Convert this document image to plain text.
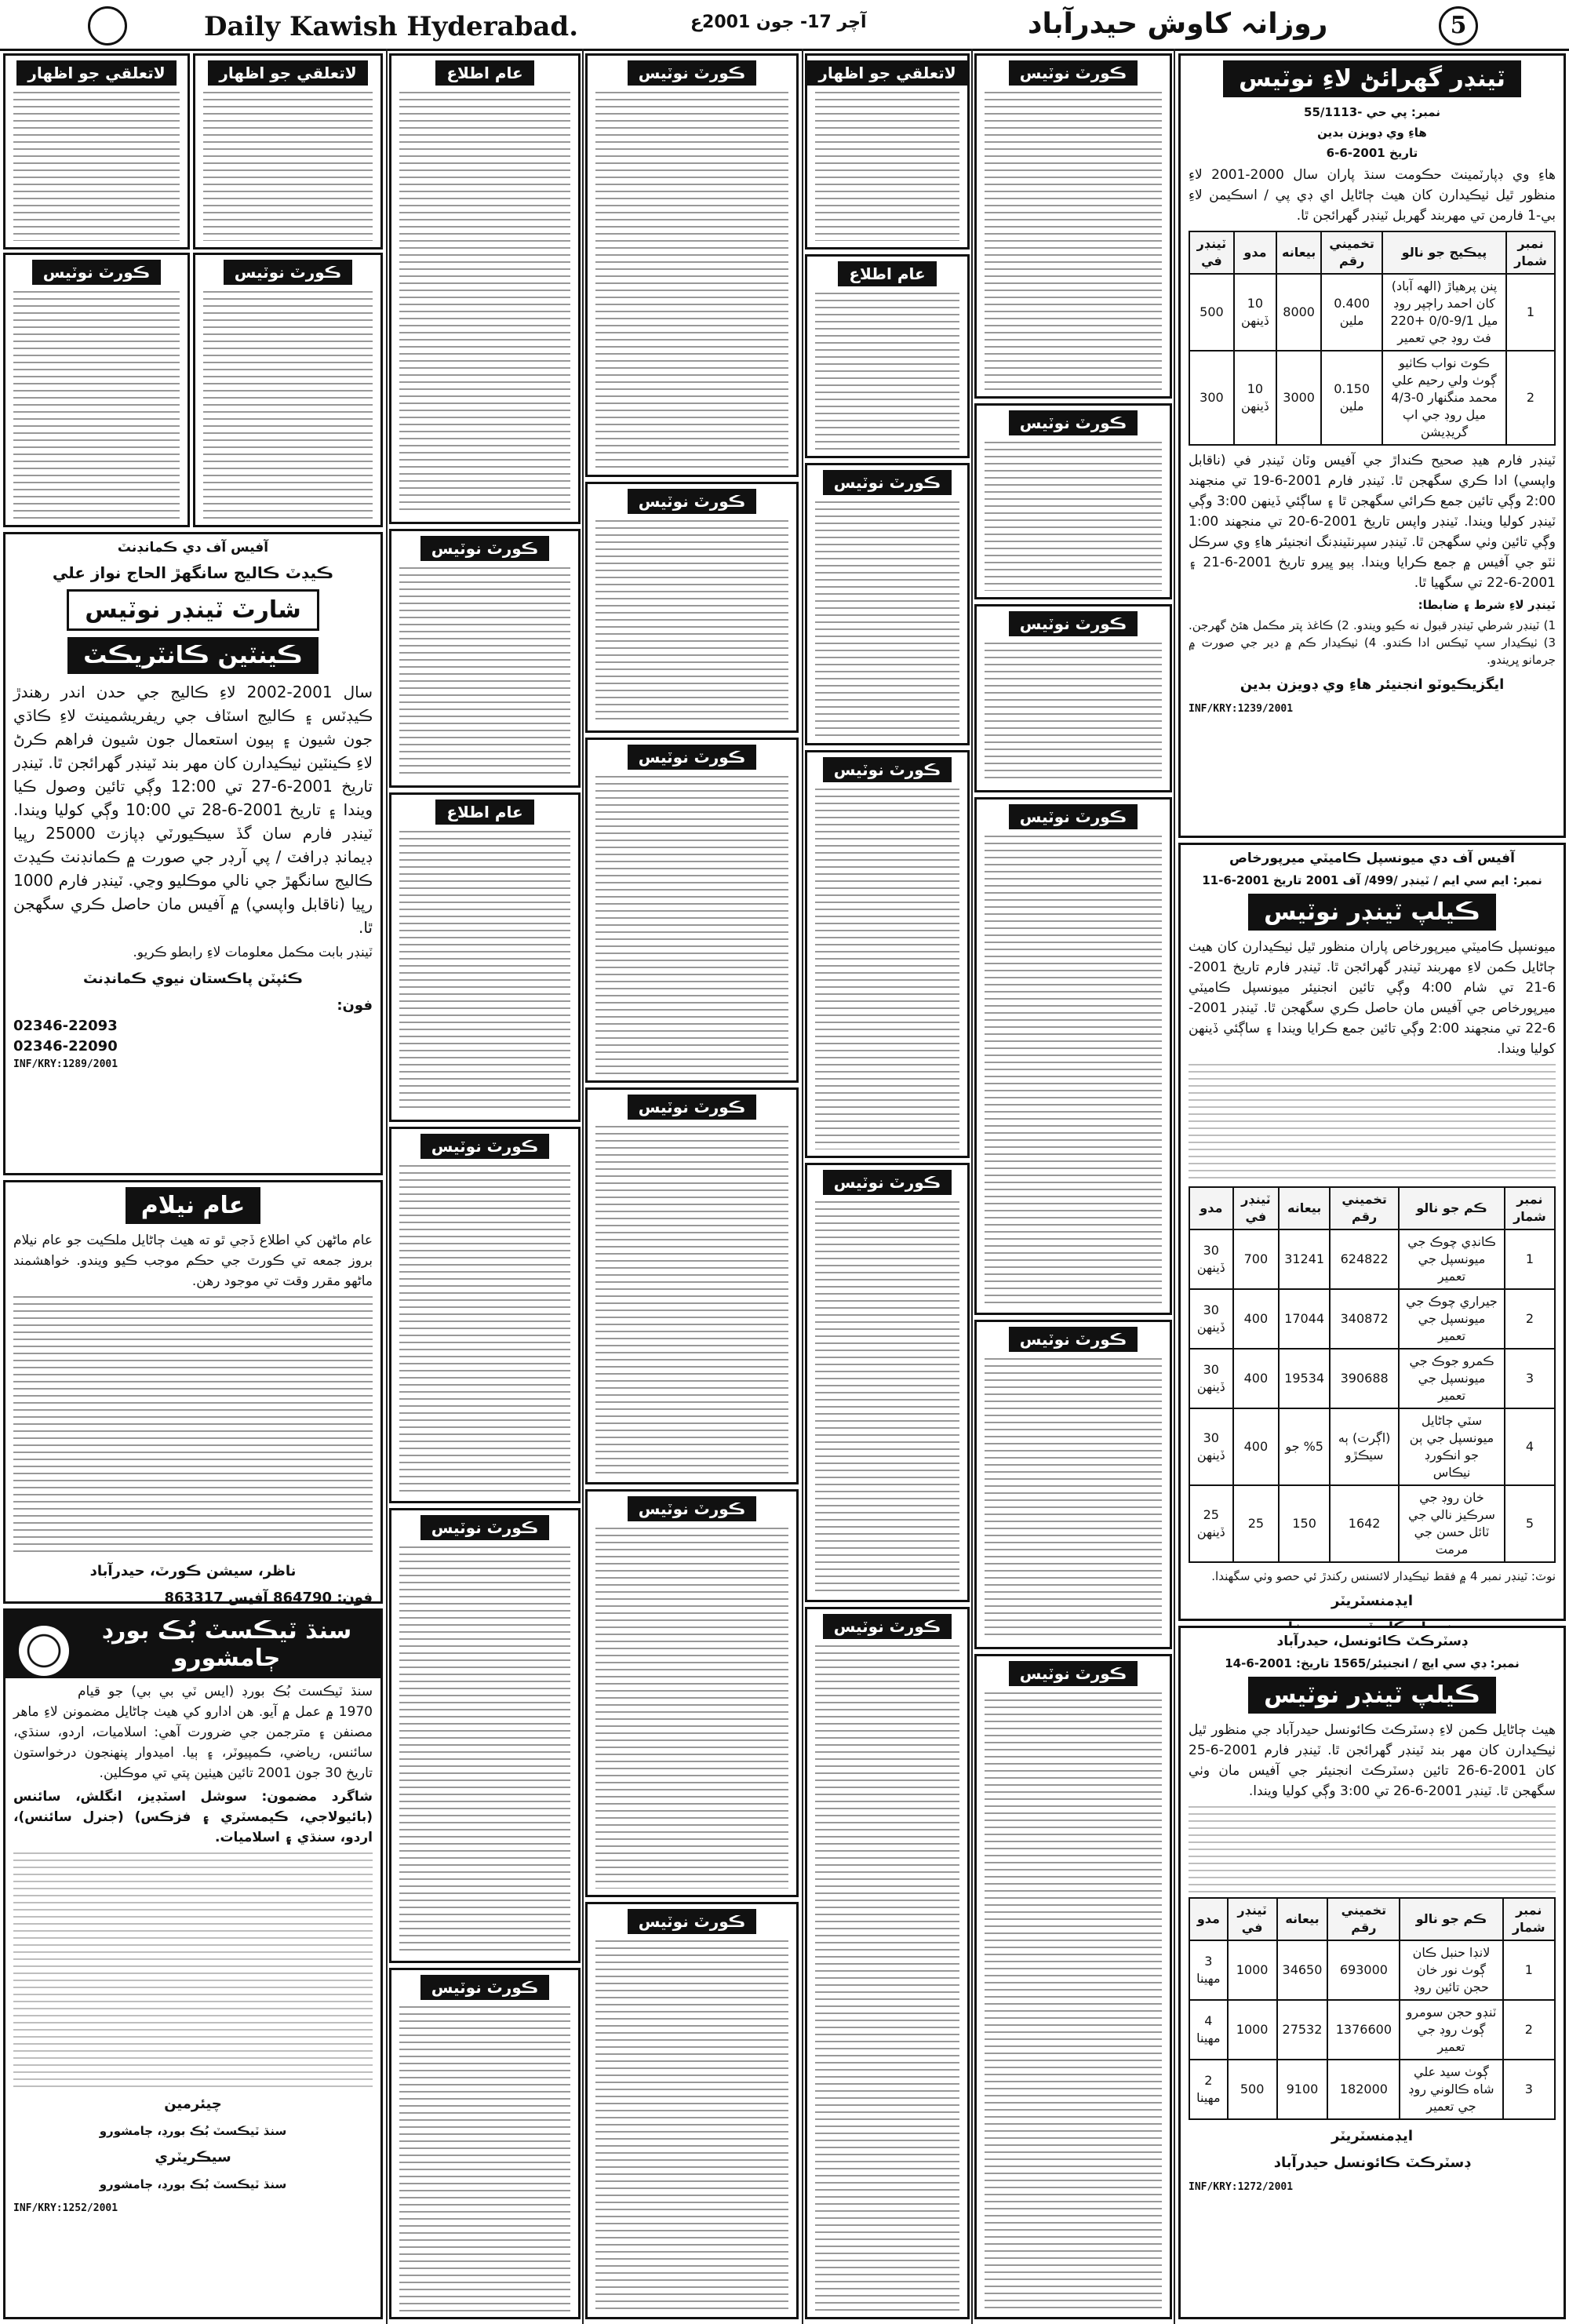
Daily Kawish Hyderabad.	آچر 17- جون 2001ع	روزانہ کاوش حیدرآباد	5
ٽينڊر گهرائڻ لاءِ نوٽيس
نمبر: پي حي -55/1113
هاءِ وي ڊويزن بدين
تاريخ 2001-6-6
هاءِ وي ڊپارٽمينٽ حڪومت سنڌ پاران سال 2000-2001 لاءِ منظور ٿيل ٺيڪيدارن کان هيٺ ڄاڻايل اي ڊي پي / اسڪيمن لاءِ بي-1 فارمن تي مهربند گهربل ٽينڊر گهرائجن ٿا.
نمبر شمار	پيڪيج جو نالو	تخميني رقم	بيعانه	مدو	ٽينڊر في
1	پنن پرهياڙ (الهه آباد) کان احمد راڄپر روڊ ميل 9/1-0/0 +220 فٽ روڊ جي تعمير	0.400 ملين	8000	10 ڏينهن	500
2	ڪوٽ نواب ڪاٺيو ڳوٺ ولي رحيم علي محمد منگنهار 0-4/3 ميل روڊ جي اپ گريڊيشن	0.150 ملين	3000	10 ڏينهن	300
ٽينڊر فارم هيڊ صحيح ڪنداڙ جي آفيس وٽان ٽينڊر في (ناقابل واپسي) ادا ڪري سگهجن ٿا. ٽينڊر فارم 2001-6-19 تي منجهند 2:00 وڳي تائين جمع ڪرائي سگهجن ٿا ۽ ساڳئي ڏينهن 3:00 وڳي ٽينڊر کوليا ويندا. ٽينڊر واپس تاريخ 2001-6-20 تي منجهند 1:00 وڳي تائين وٺي سگهجن ٿا. ٽينڊر سپرنٽينڊنگ انجنيئر هاءِ وي سرڪل ٺٽو جي آفيس ۾ جمع ڪرايا ويندا. ٻيو ڀيرو تاريخ 2001-6-21 ۽ 2001-6-22 تي سگهيا ٿا.
ٽينڊر لاءِ شرط ۽ ضابطا:
1) ٽينڊر شرطي ٽينڊر قبول نه ڪيو ويندو. 2) ڪاغذ پتر مڪمل هئڻ گهرجن. 3) ٺيڪيدار سڀ ٽيڪس ادا ڪندو. 4) ٺيڪيدار ڪم ۾ دير جي صورت ۾ جرمانو ڀريندو.
ايگزيڪيوٽو انجنيئر هاءِ وي ڊويزن بدين
INF/KRY:1239/2001
آفيس آف دي ميونسپل ڪاميٽي ميرپورخاص
نمبر: ايم سي ايم / ٽينڊر /499/ آف 2001 تاريخ 2001-6-11
ڪيلپ ٽينڊر نوٽيس
ميونسپل ڪاميٽي ميرپورخاص پاران منظور ٿيل ٺيڪيدارن کان هيٺ ڄاڻايل ڪمن لاءِ مهربند ٽينڊر گهرائجن ٿا. ٽينڊر فارم تاريخ 2001-6-21 تي شام 4:00 وڳي تائين انجنيئر ميونسپل ڪاميٽي ميرپورخاص جي آفيس مان حاصل ڪري سگهجن ٿا. ٽينڊر 2001-6-22 تي منجهند 2:00 وڳي تائين جمع ڪرايا ويندا ۽ ساڳئي ڏينهن کوليا ويندا.
نمبر شمار	ڪم جو نالو	تخميني رقم	بيعانه	ٽينڊر في	مدو
1	ڪانڊي چوڪ جي ميونسپل جي تعمير	624822	31241	700	30 ڏينهن
2	جيراري چوڪ جي ميونسپل جي تعمير	340872	17044	400	30 ڏينهن
3	ڪمرو جوڪ جي ميونسپل جي تعمير	390688	19534	400	30 ڏينهن
4	سٽي ڄاڻايل ميونسپل جي ٻن جو انڪورڊ نيڪاس	(اڳرت) ٻه سيڪڙو	%5 جو	400	30 ڏينهن
5	خان روڊ جي سرڪيز نالي جي ٽائل حسن جي مرمت	1642	150	25	25 ڏينهن
نوٽ: ٽينڊر نمبر 4 ۾ فقط ٺيڪيدار لائسنس رکندڙ ئي حصو وٺي سگهندا.
ايڊمنسٽريٽر
ڊسٽرڪٽ ڪائونسل، حيدرآباد
نمبر: ڊي سي ايڇ / انجنيئر/1565 تاريخ: 2001-6-14
ڪيلپ ٽينڊر نوٽيس
هيٺ ڄاڻايل ڪمن لاءِ ڊسٽرڪٽ ڪائونسل حيدرآباد جي منظور ٿيل ٺيڪيدارن کان مهر بند ٽينڊر گهرائجن ٿا. ٽينڊر فارم 2001-6-25 کان 2001-6-26 تائين ڊسٽرڪٽ انجنيئر جي آفيس مان وٺي سگهجن ٿا. ٽينڊر 2001-6-26 تي 3:00 وڳي کوليا ويندا.
نمبر شمار	ڪم جو نالو	تخميني رقم	بيعانه	ٽينڊر في	مدو
1	لانڊا حنبل ڪان ڳوٺ نور خان حجن تائين روڊ	693000	34650	1000	3 مهينا
2	ٽنڊو حجن سومرو ڳوٺ روڊ جي تعمير	1376600	27532	1000	4 مهينا
3	ڳوٺ سيد علي شاه ڪالوني روڊ جي تعمير	182000	9100	500	2 مهينا
ايڊمنسٽريٽر
ڊسٽرڪٽ ڪائونسل حيدرآباد
INF/KRY:1272/2001
ڪورٽ نوٽيس
ڪورٽ نوٽيس
ڪورٽ نوٽيس
ڪورٽ نوٽيس
ڪورٽ نوٽيس
ڪورٽ نوٽيس
لاتعلقي جو اظهار
عام اطلاع
ڪورٽ نوٽيس
ڪورٽ نوٽيس
ڪورٽ نوٽيس
ڪورٽ نوٽيس
ڪورٽ نوٽيس
ڪورٽ نوٽيس
ڪورٽ نوٽيس
ڪورٽ نوٽيس
ڪورٽ نوٽيس
ڪورٽ نوٽيس
عام اطلاع
ڪورٽ نوٽيس
عام اطلاع
ڪورٽ نوٽيس
ڪورٽ نوٽيس
ڪورٽ نوٽيس
لاتعلقي جو اظهار	لاتعلقي جو اظهار
ڪورٽ نوٽيس	ڪورٽ نوٽيس
آفيس آف دي ڪمانڊنٽ
ڪيڊٽ ڪاليج سانگهڙ الحاج نواز علي
شارٽ ٽينڊر نوٽيس
ڪينٽين ڪانٽريڪٽ
سال 2001-2002 لاءِ ڪاليج جي حدن اندر رهندڙ ڪيڊٽس ۽ ڪاليج اسٽاف جي ريفريشمينٽ لاءِ ڪاڌي جون شيون ۽ ٻيون استعمال جون شيون فراهم ڪرڻ لاءِ ڪينٽين ٺيڪيدارن کان مهر بند ٽينڊر گهرائجن ٿا. ٽينڊر تاريخ 2001-6-27 تي 12:00 وڳي تائين وصول ڪيا ويندا ۽ تاريخ 2001-6-28 تي 10:00 وڳي کوليا ويندا. ٽينڊر فارم سان گڏ سيڪيورٽي ڊپازٽ 25000 رپيا ڊيمانڊ ڊرافٽ / پي آرڊر جي صورت ۾ ڪمانڊنٽ ڪيڊٽ ڪاليج سانگهڙ جي نالي موڪليو وڃي. ٽينڊر فارم 1000 رپيا (ناقابل واپسي) ۾ آفيس مان حاصل ڪري سگهجن ٿا.
ٽينڊر بابت مڪمل معلومات لاءِ رابطو ڪريو.
ڪئپٽن پاڪستان نيوي ڪمانڊنٽ
فون:
02346-22093
02346-22090
INF/KRY:1289/2001
عام نيلام
عام ماڻهن کي اطلاع ڏجي ٿو ته هيٺ ڄاڻايل ملڪيت جو عام نيلام بروز جمعه تي ڪورٽ جي حڪم موجب ڪيو ويندو. خواهشمند ماڻهو مقرر وقت تي موجود رهن.
ناظر، سيشن ڪورٽ، حيدرآباد
فون: 864790 آفيس 863317
سنڌ ٽيڪسٽ بُڪ بورڊ
ڄامشورو
سنڌ ٽيڪسٽ بُڪ بورڊ (ايس ٽي بي بي) جو قيام 1970 ۾ عمل ۾ آيو. هن ادارو کي هيٺ ڄاڻايل مضمونن لاءِ ماهر مصنفن ۽ مترجمن جي ضرورت آهي: اسلاميات، اردو، سنڌي، سائنس، رياضي، ڪمپيوٽر، ۽ ٻيا. اميدوار پنهنجون درخواستون تاريخ 30 جون 2001 تائين هيٺين پتي تي موڪلين.
شاگرد مضمون: سوشل اسٽڊيز، انگلش، سائنس (بائيولاجي، ڪيمسٽري ۽ فزڪس) (جنرل سائنس)، اردو، سنڌي ۽ اسلاميات.
چيئرمين
سنڌ ٽيڪسٽ بُڪ بورڊ، ڄامشورو
سيڪريٽري
سنڌ ٽيڪسٽ بُڪ بورڊ، ڄامشورو
INF/KRY:1252/2001
